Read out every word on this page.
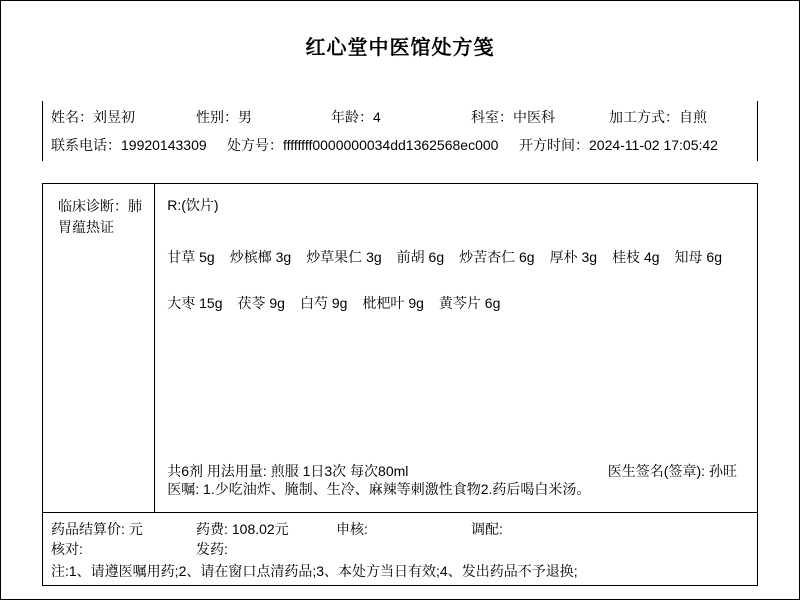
红心堂中医馆处方笺
姓名：刘昱初	性别：男	年龄：4	科室：中医科	加工方式：自煎
联系电话：19920143309	处方号：ffffffff0000000034dd1362568ec000	开方时间：2024-11-02 17:05:42
临床诊断：肺胃蕴热证
R:(饮片)
甘草 5g 炒槟榔 3g 炒草果仁 3g 前胡 6g 炒苦杏仁 6g 厚朴 3g 桂枝 4g 知母 6g
大枣 15g 茯苓 9g 白芍 9g 枇杷叶 9g 黄芩片 6g
共6剂 用法用量: 煎服 1日3次 每次80ml	医生签名(签章): 孙旺
医嘱: 1.少吃油炸、腌制、生冷、麻辣等刺激性食物2.药后喝白米汤。
药品结算价: 元	药费: 108.02元	申核:	调配:
核对:	发药:
注:1、请遵医嘱用药;2、请在窗口点清药品;3、本处方当日有效;4、发出药品不予退换;
